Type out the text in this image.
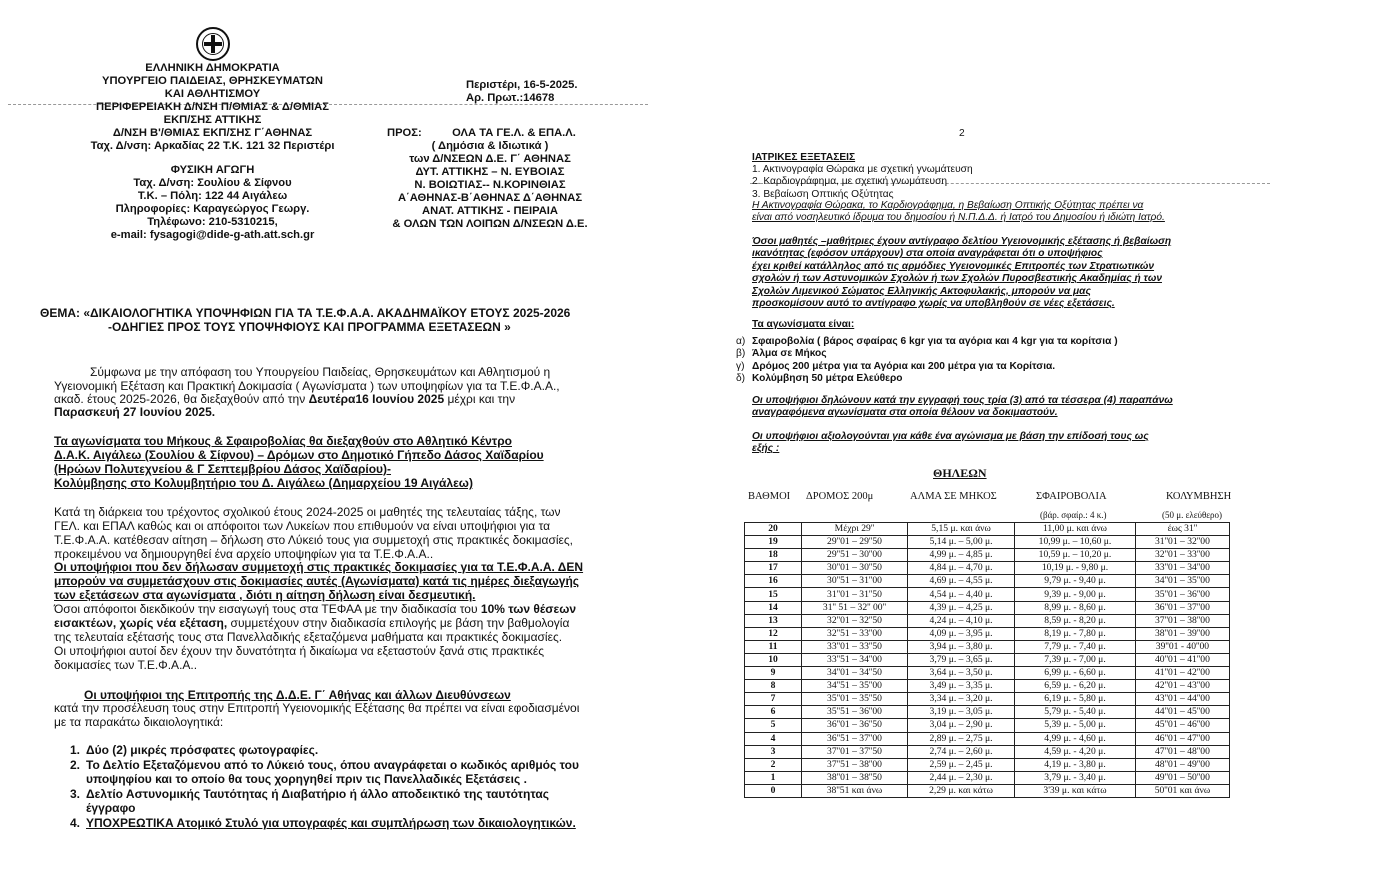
ΕΛΛΗΝΙΚΗ ΔΗΜΟΚΡΑΤΙΑ
ΥΠΟΥΡΓΕΙΟ ΠΑΙΔΕΙΑΣ, ΘΡΗΣΚΕΥΜΑΤΩΝ
ΚΑΙ ΑΘΛΗΤΙΣΜΟΥ
ΠΕΡΙΦΕΡΕΙΑΚΗ Δ/ΝΣΗ Π/ΘΜΙΑΣ & Δ/ΘΜΙΑΣ
ΕΚΠ/ΣΗΣ ΑΤΤΙΚΗΣ
Δ/ΝΣΗ Β'/ΘΜΙΑΣ ΕΚΠ/ΣΗΣ Γ΄ΑΘΗΝΑΣ
Ταχ. Δ/νση: Αρκαδίας 22 Τ.Κ. 121 32 Περιστέρι
ΦΥΣΙΚΗ ΑΓΩΓΗ
Ταχ. Δ/νση: Σουλίου & Σίφνου
Τ.Κ. – Πόλη: 122 44 Αιγάλεω
Πληροφορίες: Καραγεώργος Γεωργ.
Τηλέφωνο: 210-5310215,
e-mail: fysagogi@dide-g-ath.att.sch.gr
Περιστέρι, 16-5-2025.
Αρ. Πρωτ.:14678
ΠΡΟΣ:	ΟΛΑ ΤΑ ΓΕ.Λ. & ΕΠΑ.Λ.
( Δημόσια & Ιδιωτικά )
των Δ/ΝΣΕΩΝ Δ.Ε. Γ΄ ΑΘΗΝΑΣ
ΔΥΤ. ΑΤΤΙΚΗΣ – Ν. ΕΥΒΟΙΑΣ
Ν. ΒΟΙΩΤΙΑΣ-- Ν.ΚΟΡΙΝΘΙΑΣ
Α΄ΑΘΗΝΑΣ-Β΄ΑΘΗΝΑΣ Δ΄ΑΘΗΝΑΣ
ΑΝΑΤ. ΑΤΤΙΚΗΣ - ΠΕΙΡΑΙΑ
& ΟΛΩΝ ΤΩΝ ΛΟΙΠΩΝ Δ/ΝΣΕΩΝ Δ.Ε.
ΘΕΜΑ: «ΔΙΚΑΙΟΛΟΓΗΤΙΚΑ ΥΠΟΨΗΦΙΩΝ ΓΙΑ ΤΑ Τ.Ε.Φ.Α.Α. ΑΚΑΔΗΜΑΪΚΟΥ ΕΤΟΥΣ 2025-2026
-ΟΔΗΓΙΕΣ ΠΡΟΣ ΤΟΥΣ ΥΠΟΨΗΦΙΟΥΣ ΚΑΙ ΠΡΟΓΡΑΜΜΑ ΕΞΕΤΑΣΕΩΝ »
Σύμφωνα με την απόφαση του Υπουργείου Παιδείας, Θρησκευμάτων και Αθλητισμού η
Υγειονομική Εξέταση και Πρακτική Δοκιμασία ( Αγωνίσματα ) των υποψηφίων για τα Τ.Ε.Φ.Α.Α.,
ακαδ. έτους 2025-2026, θα διεξαχθούν από την Δευτέρα16 Ιουνίου 2025 μέχρι και την
Παρασκευή 27 Ιουνίου 2025.
Τα αγωνίσματα του Μήκους & Σφαιροβολίας θα διεξαχθούν στο Αθλητικό Κέντρο
Δ.Α.Κ. Αιγάλεω (Σουλίου & Σίφνου) – Δρόμων στο Δημοτικό Γήπεδο Δάσος Χαϊδαρίου
(Ηρώων Πολυτεχνείου & Γ Σεπτεμβρίου Δάσος Χαϊδαρίου)-
Κολύμβησης στο Κολυμβητήριο του Δ. Αιγάλεω (Δημαρχείου 19 Αιγάλεω)
Κατά τη διάρκεια του τρέχοντος σχολικού έτους 2024-2025 οι μαθητές της τελευταίας τάξης, των
ΓΕΛ. και ΕΠΑΛ καθώς και οι απόφοιτοι των Λυκείων που επιθυμούν να είναι υποψήφιοι για τα
Τ.Ε.Φ.Α.Α. κατέθεσαν αίτηση – δήλωση στο Λύκειό τους για συμμετοχή στις πρακτικές δοκιμασίες,
προκειμένου να δημιουργηθεί ένα αρχείο υποψηφίων για τα Τ.Ε.Φ.Α.Α..
Οι υποψήφιοι που δεν δήλωσαν συμμετοχή στις πρακτικές δοκιμασίες για τα Τ.Ε.Φ.Α.Α. ΔΕΝ
μπορούν να συμμετάσχουν στις δοκιμασίες αυτές (Αγωνίσματα) κατά τις ημέρες διεξαγωγής
των εξετάσεων στα αγωνίσματα , διότι η αίτηση δήλωση είναι δεσμευτική.
Όσοι απόφοιτοι διεκδικούν την εισαγωγή τους στα ΤΕΦΑΑ με την διαδικασία του 10% των θέσεων
εισακτέων, χωρίς νέα εξέταση, συμμετέχουν στην διαδικασία επιλογής με βάση την βαθμολογία
της τελευταία εξέτασής τους στα Πανελλαδικής εξεταζόμενα μαθήματα και πρακτικές δοκιμασίες.
Οι υποψήφιοι αυτοί δεν έχουν την δυνατότητα ή δικαίωμα να εξεταστούν ξανά στις πρακτικές
δοκιμασίες των Τ.Ε.Φ.Α.Α..
Οι υποψήφιοι της Επιτροπής της Δ.Δ.Ε. Γ΄ Αθήνας και άλλων Διευθύνσεων
κατά την προσέλευση τους στην Επιτροπή Υγειονομικής Εξέτασης θα πρέπει να είναι εφοδιασμένοι
με τα παρακάτω δικαιολογητικά:
1. Δύο (2) μικρές πρόσφατες φωτογραφίες.
2. Το Δελτίο Εξεταζόμενου από το Λύκειό τους, όπου αναγράφεται ο κωδικός αριθμός του
υποψηφίου και το οποίο θα τους χορηγηθεί πριν τις Πανελλαδικές Εξετάσεις .
3. Δελτίο Αστυνομικής Ταυτότητας ή Διαβατήριο ή άλλο αποδεικτικό της ταυτότητας
έγγραφο
4. ΥΠΟΧΡΕΩΤΙΚΑ Ατομικό Στυλό για υπογραφές και συμπλήρωση των δικαιολογητικών.
2
ΙΑΤΡΙΚΕΣ ΕΞΕΤΑΣΕΙΣ
1. Ακτινογραφία Θώρακα με σχετική γνωμάτευση
2. Καρδιογράφημα, με σχετική γνωμάτευση
3. Βεβαίωση Οπτικής Οξύτητας
Η Ακτινογραφία Θώρακα, το Καρδιογράφημα, η Βεβαίωση Οπτικής Οξύτητας πρέπει να
είναι από νοσηλευτικό ίδρυμα του δημοσίου ή Ν.Π.Δ.Δ. ή Ιατρό του Δημοσίου ή ιδιώτη Ιατρό.
Όσοι μαθητές –μαθήτριες έχουν αντίγραφο δελτίου Υγειονομικής εξέτασης ή βεβαίωση
ικανότητας (εφόσον υπάρχουν) στα οποία αναγράφεται ότι ο υποψήφιος
έχει κριθεί κατάλληλος από τις αρμόδιες Υγειονομικές Επιτροπές των Στρατιωτικών
σχολών ή των Αστυνομικών Σχολών ή των Σχολών Πυροσβεστικής Ακαδημίας ή των
Σχολών Λιμενικού Σώματος Ελληνικής Ακτοφυλακής, μπορούν να μας
προσκομίσουν αυτό το αντίγραφο χωρίς να υποβληθούν σε νέες εξετάσεις.
Τα αγωνίσματα είναι:
α) Σφαιροβολία ( βάρος σφαίρας 6 kgr για τα αγόρια και 4 kgr για τα κορίτσια )
β) Άλμα σε Μήκος
γ) Δρόμος 200 μέτρα για τα Αγόρια και 200 μέτρα για τα Κορίτσια.
δ) Κολύμβηση 50 μέτρα Ελεύθερο
Οι υποψήφιοι δηλώνουν κατά την εγγραφή τους τρία (3) από τα τέσσερα (4) παραπάνω
αναγραφόμενα αγωνίσματα στα οποία θέλουν να δοκιμαστούν.
Οι υποψήφιοι αξιολογούνται για κάθε ένα αγώνισμα με βάση την επίδοσή τους ως
εξής :
ΘΗΛΕΩΝ
ΒΑΘΜΟΙ ΔΡΟΜΟΣ 200μ	ΑΛΜΑ ΣΕ ΜΗΚΟΣ	ΣΦΑΙΡΟΒΟΛΙΑ	ΚΟΛΥΜΒΗΣΗ
(βάρ. σφαίρ.: 4 κ.)	(50 μ. ελεύθερο)
20	Μέχρι 29''	5,15 μ. και άνω	11,00 μ. και άνω	έως 31''
19	29''01 – 29''50	5,14 μ. – 5,00 μ.	10,99 μ. – 10,60 μ.	31''01 – 32''00
18	29''51 – 30''00	4,99 μ. – 4,85 μ.	10,59 μ. – 10,20 μ.	32''01 – 33''00
17	30''01 – 30''50	4,84 μ. – 4,70 μ.	10,19 μ. - 9,80 μ.	33''01 – 34''00
16	30''51 – 31''00	4,69 μ. – 4,55 μ.	9,79 μ. - 9,40 μ.	34''01 – 35''00
15	31''01 – 31''50	4,54 μ. – 4,40 μ.	9,39 μ. - 9,00 μ.	35''01 – 36''00
14	31'' 51 – 32'' 00''	4,39 μ. – 4,25 μ.	8,99 μ. - 8,60 μ.	36''01 – 37''00
13	32''01 – 32''50	4,24 μ. – 4,10 μ.	8,59 μ. - 8,20 μ.	37''01 – 38''00
12	32''51 – 33''00	4,09 μ. – 3,95 μ.	8,19 μ. - 7,80 μ.	38''01 – 39''00
11	33''01 – 33''50	3,94 μ. – 3,80 μ.	7,79 μ. - 7,40 μ.	39''01 - 40''00
10	33''51 – 34''00	3,79 μ. – 3,65 μ.	7,39 μ. - 7,00 μ.	40''01 – 41''00
9	34''01 – 34''50	3,64 μ. – 3,50 μ.	6,99 μ. - 6,60 μ.	41''01 – 42''00
8	34''51 – 35''00	3,49 μ. – 3,35 μ.	6,59 μ. - 6,20 μ.	42''01 – 43''00
7	35''01 – 35''50	3,34 μ. – 3,20 μ.	6,19 μ. - 5,80 μ.	43''01 – 44''00
6	35''51 – 36''00	3,19 μ. – 3,05 μ.	5,79 μ. - 5,40 μ.	44''01 – 45''00
5	36''01 – 36''50	3,04 μ. – 2,90 μ.	5,39 μ. - 5,00 μ.	45''01 – 46''00
4	36''51 – 37''00	2,89 μ. – 2,75 μ.	4,99 μ. - 4,60 μ.	46''01 – 47''00
3	37''01 – 37''50	2,74 μ. – 2,60 μ.	4,59 μ. - 4,20 μ.	47''01 – 48''00
2	37''51 – 38''00	2,59 μ. – 2,45 μ.	4,19 μ. - 3,80 μ.	48''01 – 49''00
1	38''01 – 38''50	2,44 μ. – 2,30 μ.	3,79 μ. - 3,40 μ.	49''01 – 50''00
0	38''51 και άνω	2,29 μ. και κάτω	3'39 μ. και κάτω	50''01 και άνω
